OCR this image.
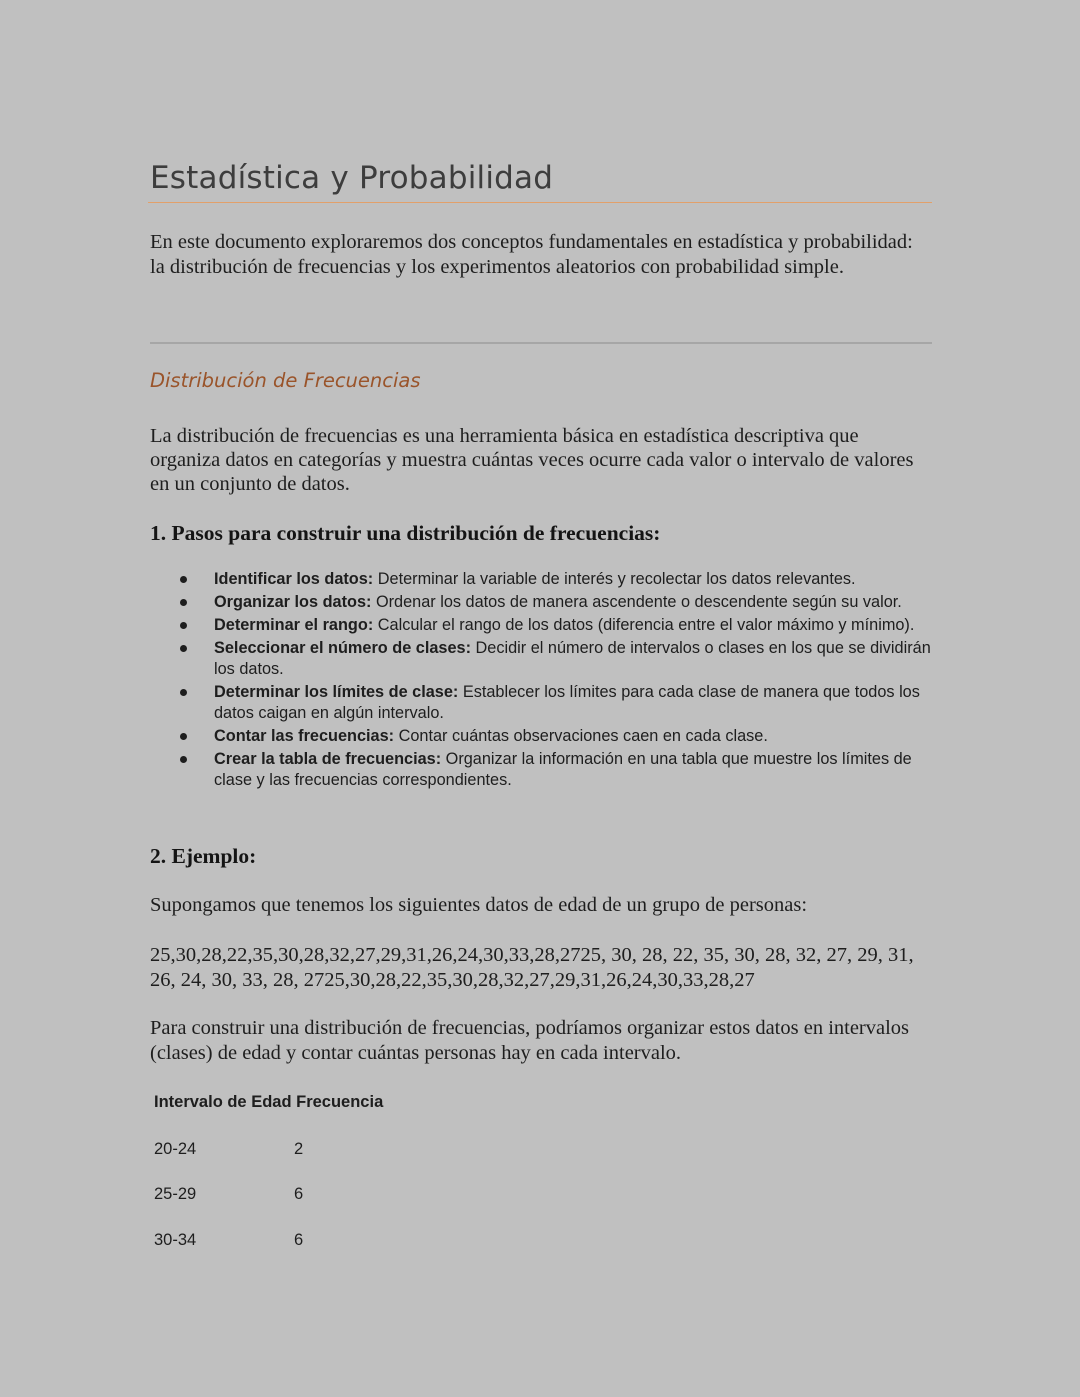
Estadística y Probabilidad
En este documento exploraremos dos conceptos fundamentales en estadística y probabilidad: la distribución de frecuencias y los experimentos aleatorios con probabilidad simple.
Distribución de Frecuencias
La distribución de frecuencias es una herramienta básica en estadística descriptiva que organiza datos en categorías y muestra cuántas veces ocurre cada valor o intervalo de valores en un conjunto de datos.
1. Pasos para construir una distribución de frecuencias:
Identificar los datos: Determinar la variable de interés y recolectar los datos relevantes.
Organizar los datos: Ordenar los datos de manera ascendente o descendente según su valor.
Determinar el rango: Calcular el rango de los datos (diferencia entre el valor máximo y mínimo).
Seleccionar el número de clases: Decidir el número de intervalos o clases en los que se dividirán los datos.
Determinar los límites de clase: Establecer los límites para cada clase de manera que todos los datos caigan en algún intervalo.
Contar las frecuencias: Contar cuántas observaciones caen en cada clase.
Crear la tabla de frecuencias: Organizar la información en una tabla que muestre los límites de clase y las frecuencias correspondientes.
2. Ejemplo:
Supongamos que tenemos los siguientes datos de edad de un grupo de personas:
25,30,28,22,35,30,28,32,27,29,31,26,24,30,33,28,2725, 30, 28, 22, 35, 30, 28, 32, 27, 29, 31, 26, 24, 30, 33, 28, 2725,30,28,22,35,30,28,32,27,29,31,26,24,30,33,28,27
Para construir una distribución de frecuencias, podríamos organizar estos datos en intervalos (clases) de edad y contar cuántas personas hay en cada intervalo.
Intervalo de Edad Frecuencia
20-24	2
25-29	6
30-34	6
